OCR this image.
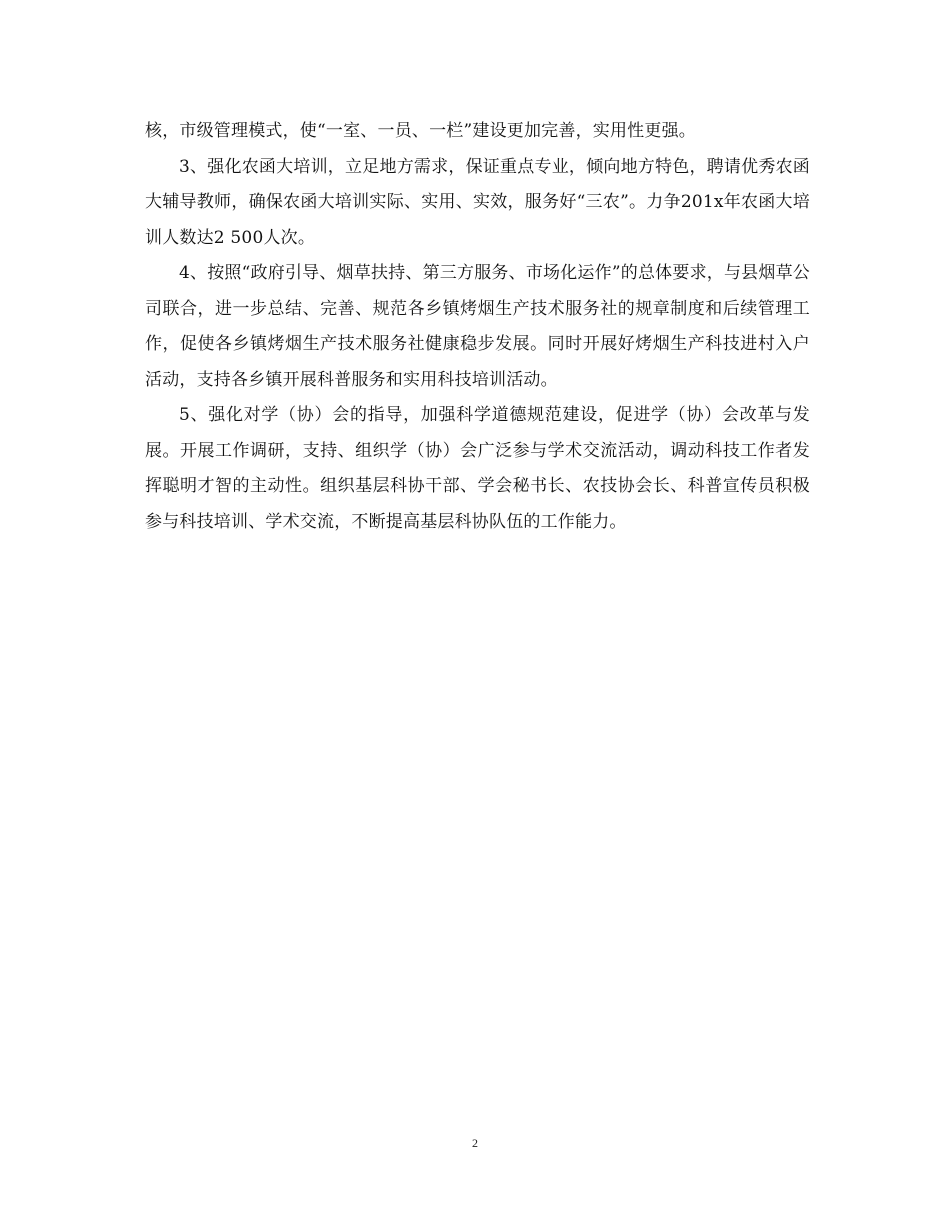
核，市级管理模式，使“一室、一员、一栏”建设更加完善，实用性更强。

3、强化农函大培训，立足地方需求，保证重点专业，倾向地方特色，聘请优秀农函大辅导教师，确保农函大培训实际、实用、实效，服务好“三农”。力争201x年农函大培训人数达2 500人次。

4、按照“政府引导、烟草扶持、第三方服务、市场化运作”的总体要求，与县烟草公司联合，进一步总结、完善、规范各乡镇烤烟生产技术服务社的规章制度和后续管理工作，促使各乡镇烤烟生产技术服务社健康稳步发展。同时开展好烤烟生产科技进村入户活动，支持各乡镇开展科普服务和实用科技培训活动。

5、强化对学（协）会的指导，加强科学道德规范建设，促进学（协）会改革与发展。开展工作调研，支持、组织学（协）会广泛参与学术交流活动，调动科技工作者发挥聪明才智的主动性。组织基层科协干部、学会秘书长、农技协会长、科普宣传员积极参与科技培训、学术交流，不断提高基层科协队伍的工作能力。

2
